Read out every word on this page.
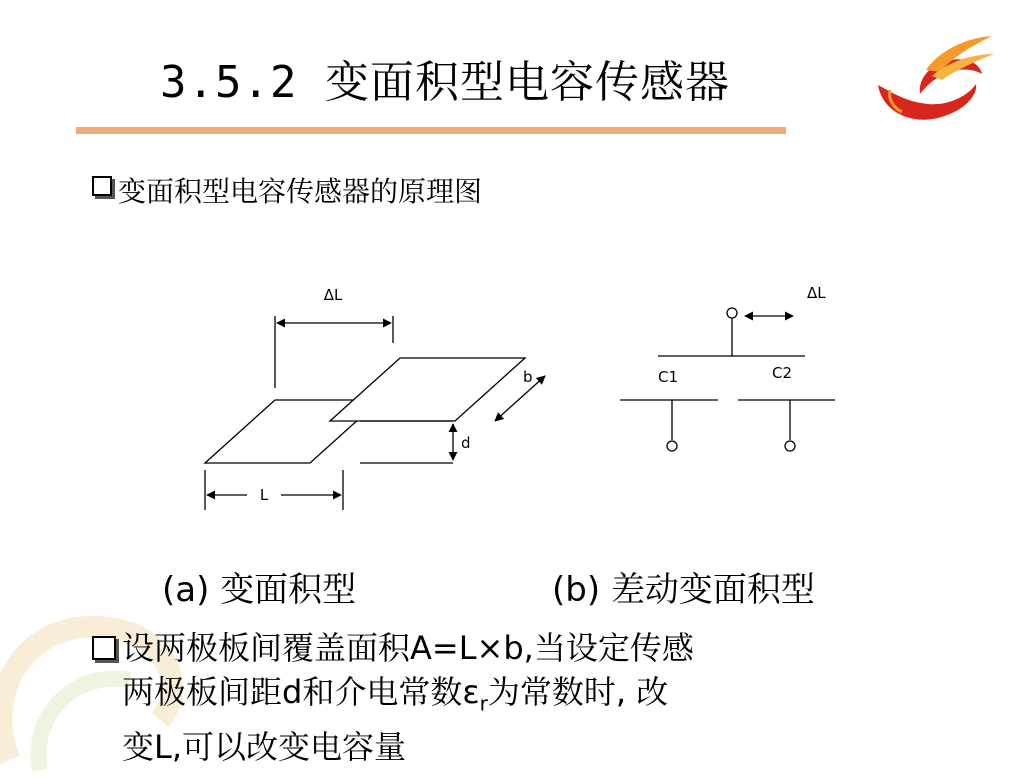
3.5.2 变面积型电容传感器
变面积型电容传感器的原理图
ΔL
b
d
L
ΔL
C1	C2
(a) 变面积型	(b) 差动变面积型
设两极板间覆盖面积A=L×b,当设定传感
两极板间距d和介电常数$\varepsilon_r$为常数时, 改
变L,可以改变电容量
